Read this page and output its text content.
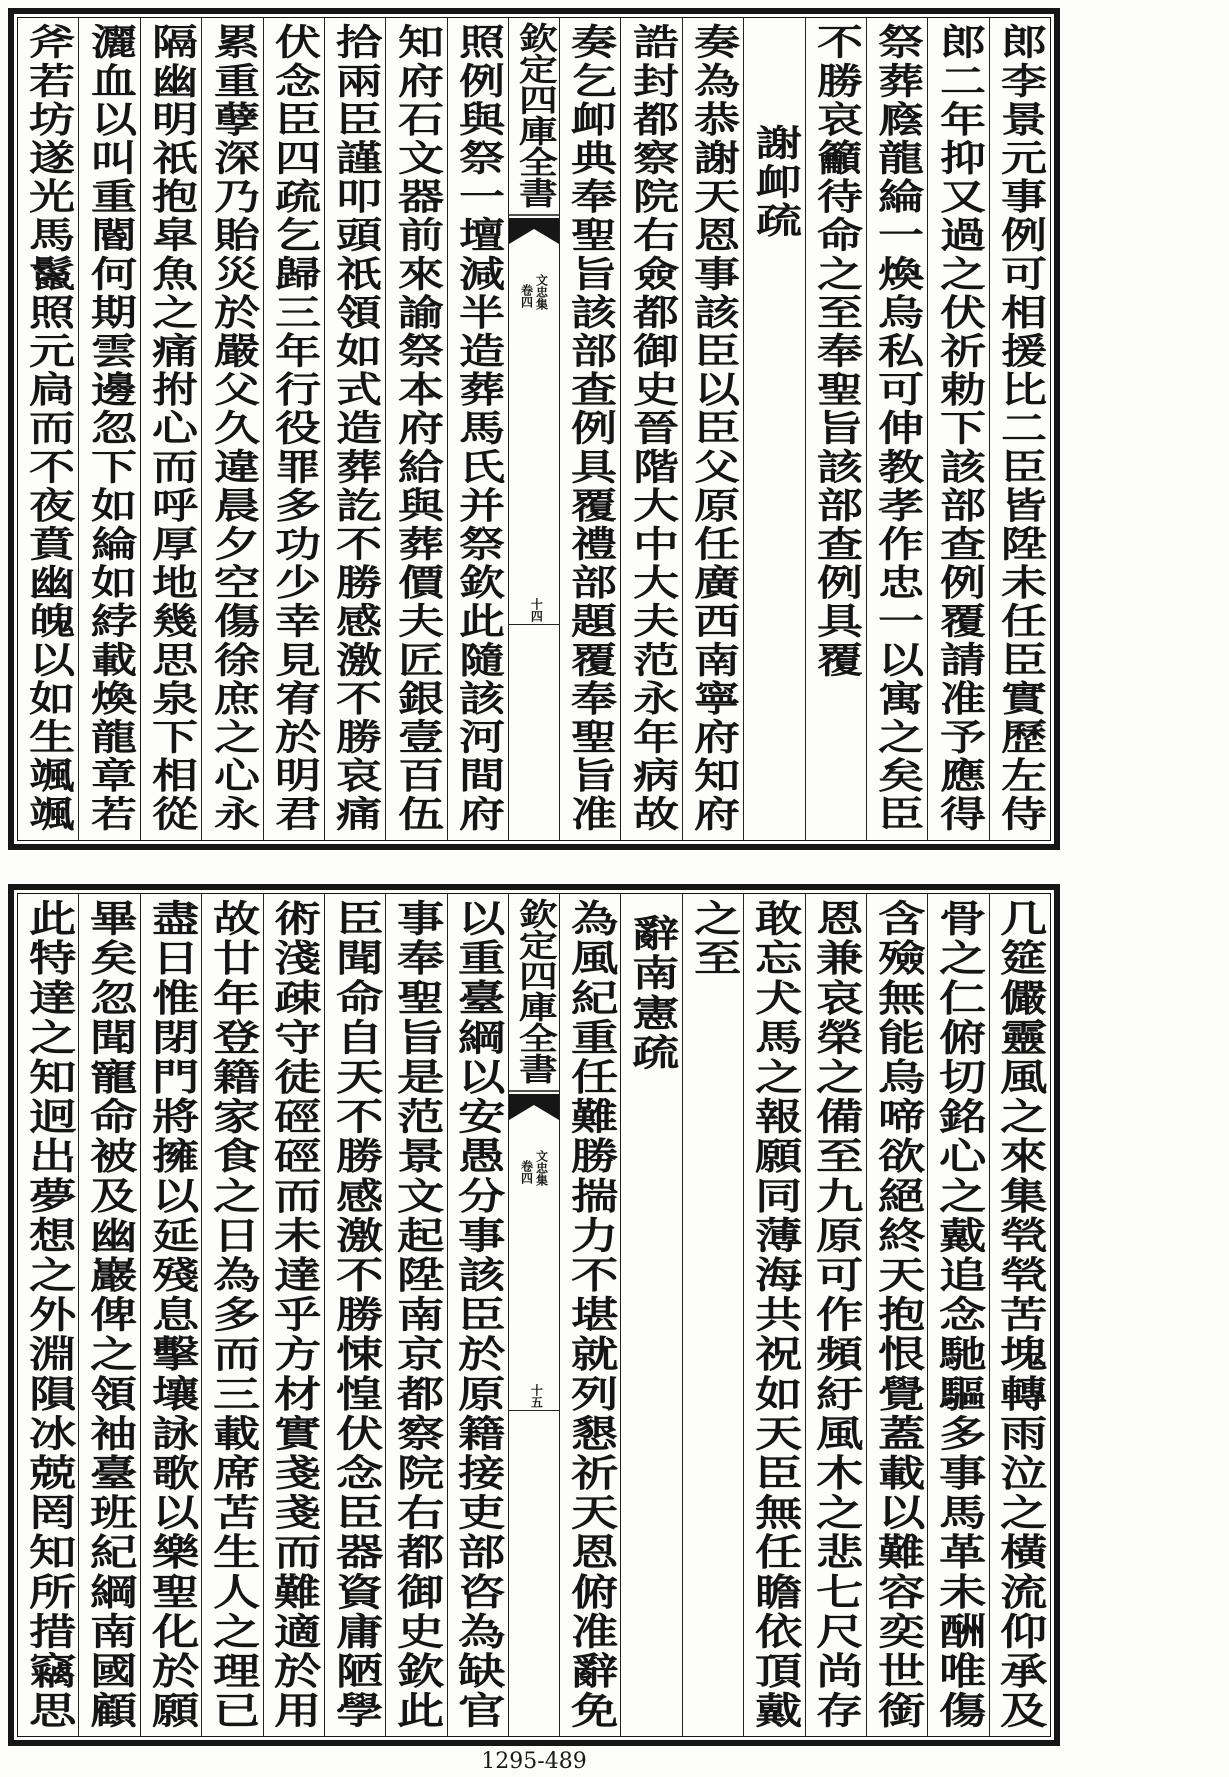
郎李景元事例可相援比二臣皆陞未任臣實歷左侍
郎二年抑又過之伏祈勅下該部查例覆請准予應得
祭葬廕龍綸一煥烏私可伸教孝作忠一以寓之矣臣
不勝哀籲待命之至奉聖旨該部查例具覆
謝卹疏
奏為恭謝天恩事該臣以臣父原任廣西南寧府知府
誥封都察院右僉都御史晉階大中大夫范永年病故
奏乞卹典奉聖旨該部查例具覆禮部題覆奉聖旨准
欽定四庫全書
文忠集
卷四
十四
照例與祭一壇減半造葬馬氏并祭欽此隨該河間府
知府石文器前來諭祭本府給與葬價夫匠銀壹百伍
拾兩臣謹叩頭祇領如式造葬訖不勝感激不勝哀痛
伏念臣四疏乞歸三年行役罪多功少幸見宥於明君
累重孽深乃貽災於嚴父久違晨夕空傷徐庶之心永
隔幽明祇抱皐魚之痛拊心而呼厚地幾思泉下相從
灑血以叫重閽何期雲邊忽下如綸如綍載煥龍章若
斧若坊遂光馬鬣照元扃而不夜賁幽魄以如生颯颯
几筵儼靈風之來集煢煢苦塊轉雨泣之橫流仰承及
骨之仁俯切銘心之戴追念馳驅多事馬革未酬唯傷
含殮無能烏啼欲絕終天抱恨覺蓋載以難容奕世銜
恩兼哀榮之備至九原可作頻紆風木之悲七尺尚存
敢忘犬馬之報願同薄海共祝如天臣無任瞻依頂戴
之至
辭南憲疏
為風紀重任難勝揣力不堪就列懇祈天恩俯准辭免
欽定四庫全書
文忠集
卷四
十五
以重臺綱以安愚分事該臣於原籍接吏部咨為缺官
事奉聖旨是范景文起陞南京都察院右都御史欽此
臣聞命自天不勝感激不勝悚惶伏念臣器資庸陋學
術淺疎守徒硜硜而未達乎方材實戔戔而難適於用
故廿年登籍家食之日為多而三載席苫生人之理已
盡日惟閉門將擁以延殘息擊壤詠歌以樂聖化於願
畢矣忽聞寵命被及幽巖俾之領袖臺班紀綱南國顧
此特達之知迥出夢想之外淵隕冰兢罔知所措竊思
1295-489
